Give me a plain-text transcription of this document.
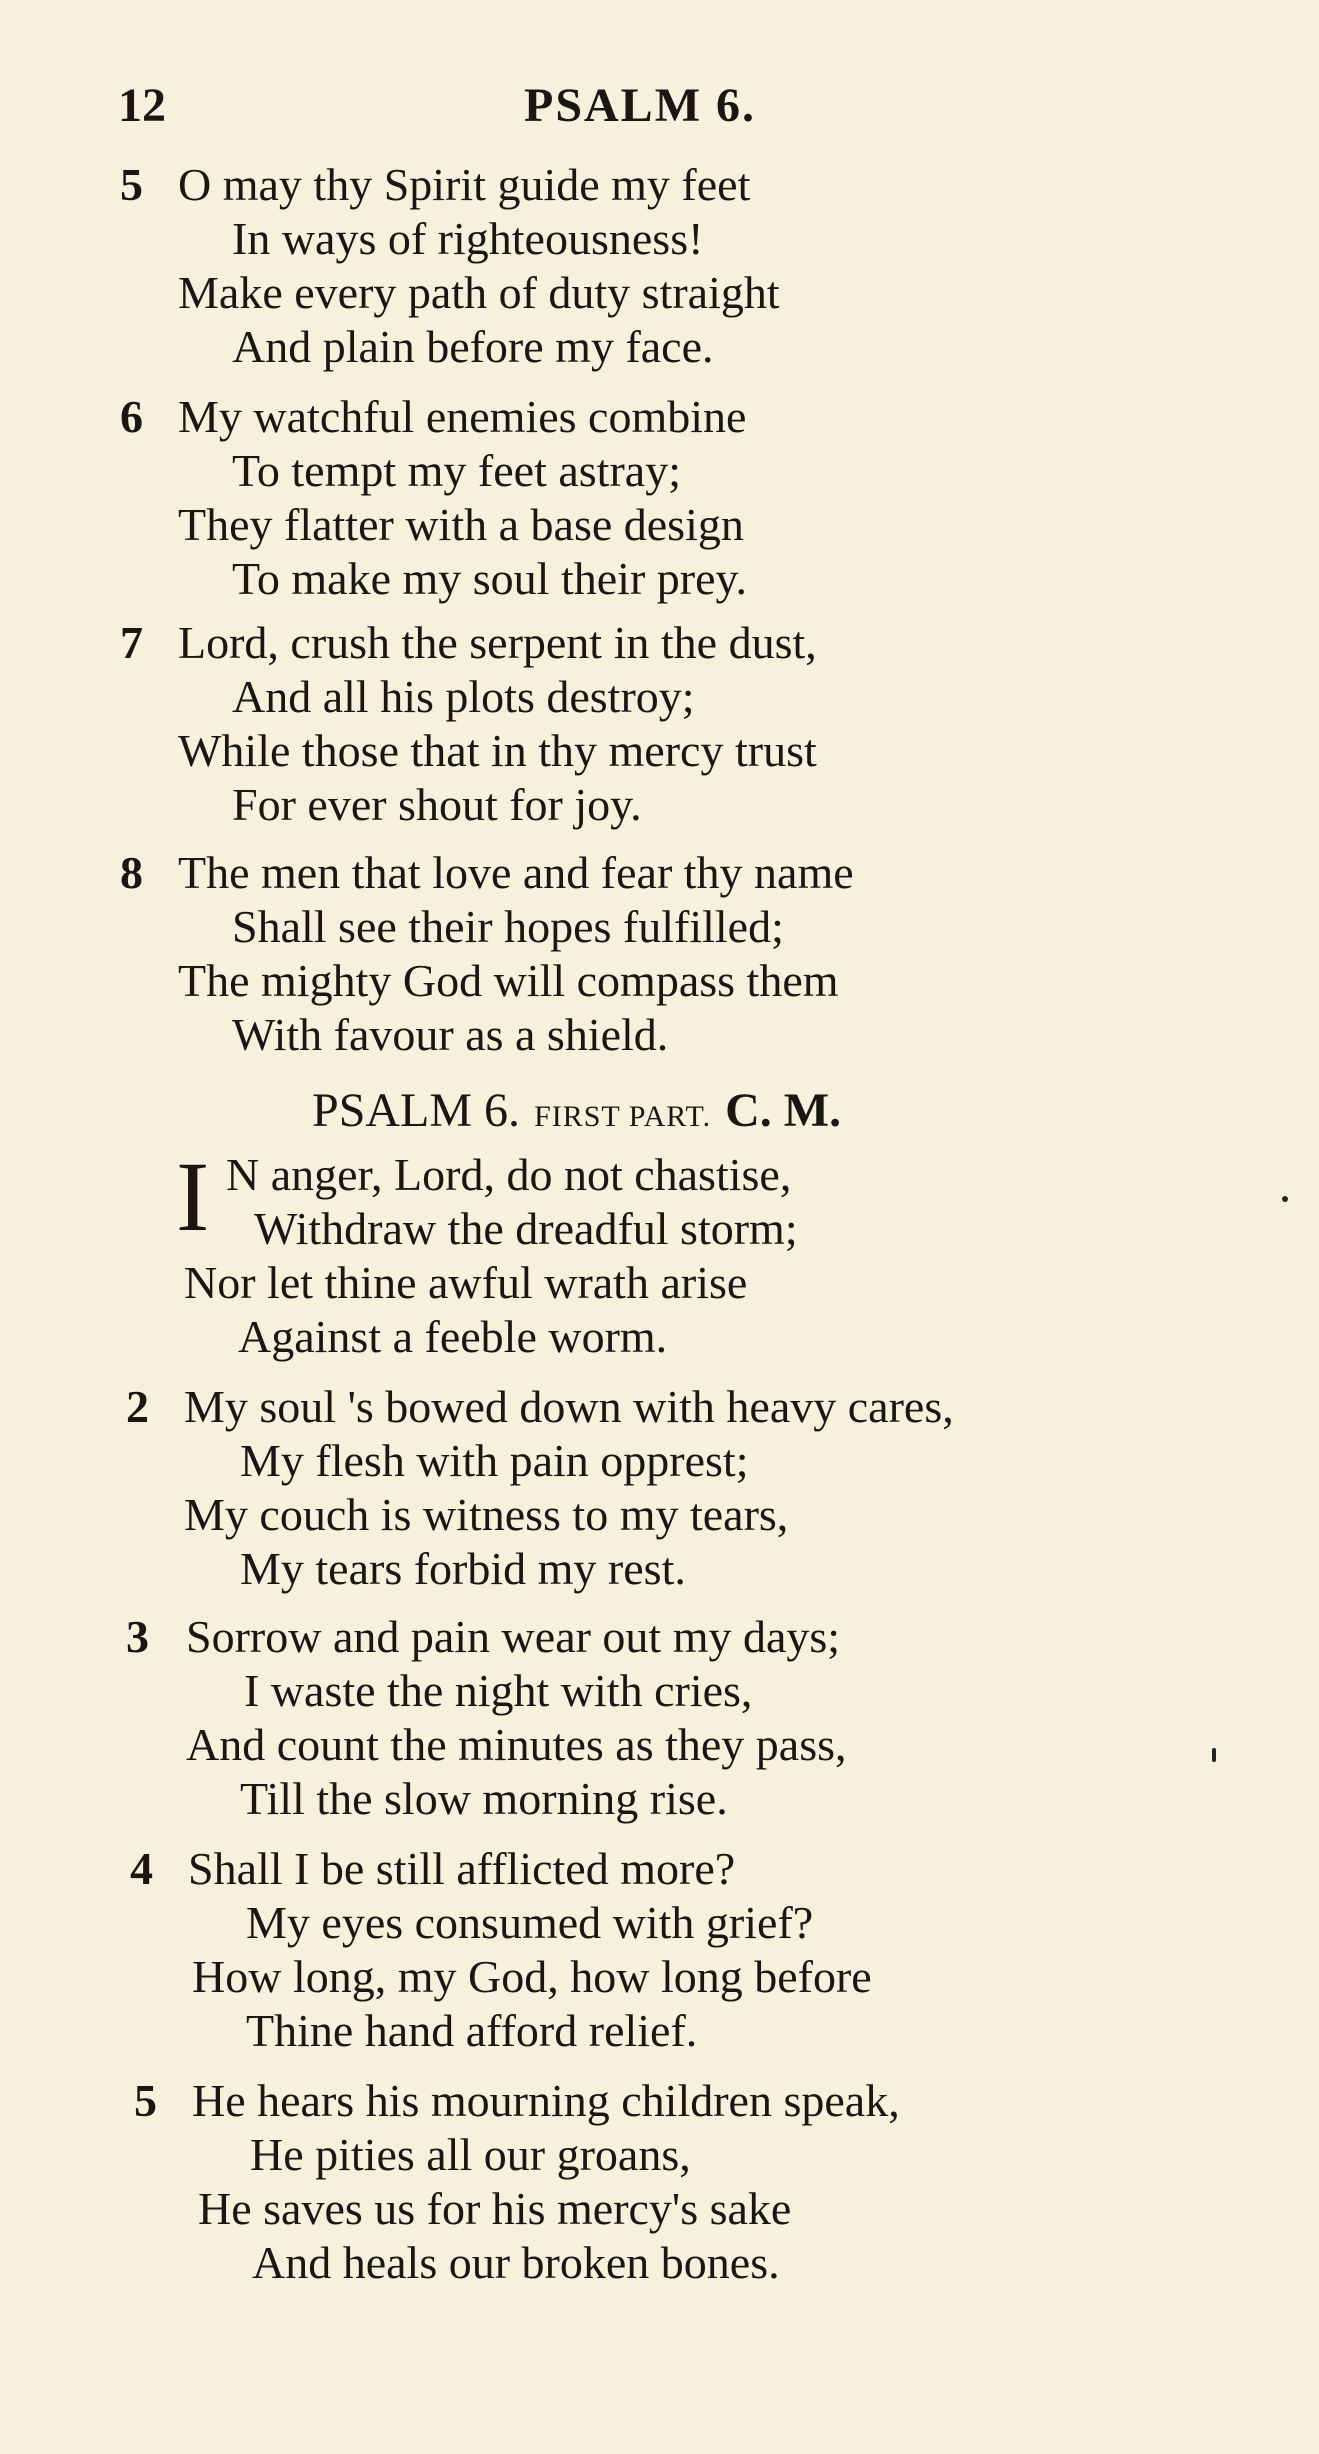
12	PSALM 6.
5 O may thy Spirit guide my feet
In ways of righteousness!
Make every path of duty straight
And plain before my face.
6 My watchful enemies combine
To tempt my feet astray;
They flatter with a base design
To make my soul their prey.
7 Lord, crush the serpent in the dust,
And all his plots destroy;
While those that in thy mercy trust
For ever shout for joy.
8 The men that love and fear thy name
Shall see their hopes fulfilled;
The mighty God will compass them
With favour as a shield.
PSALM 6. FIRST PART. C. M.
I N anger, Lord, do not chastise,
Withdraw the dreadful storm;
Nor let thine awful wrath arise
Against a feeble worm.
2 My soul 's bowed down with heavy cares,
My flesh with pain opprest;
My couch is witness to my tears,
My tears forbid my rest.
3 Sorrow and pain wear out my days;
I waste the night with cries,
And count the minutes as they pass,
Till the slow morning rise.
4 Shall I be still afflicted more?
My eyes consumed with grief?
How long, my God, how long before
Thine hand afford relief.
5 He hears his mourning children speak,
He pities all our groans,
He saves us for his mercy's sake
And heals our broken bones.
